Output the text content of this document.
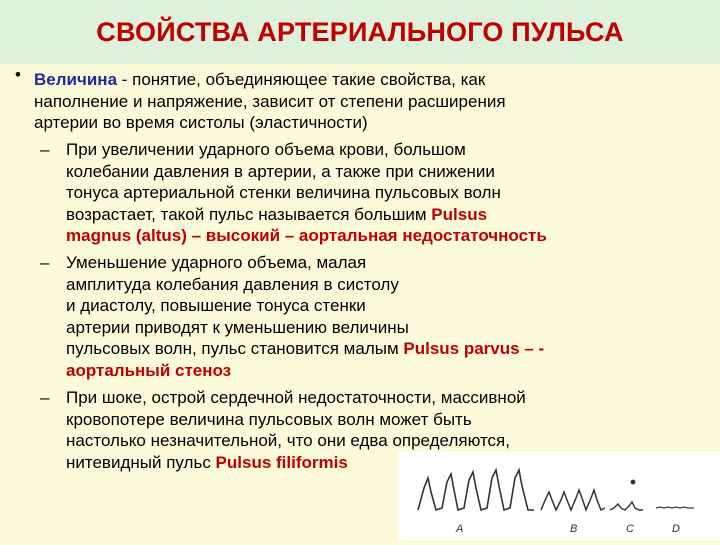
СВОЙСТВА АРТЕРИАЛЬНОГО ПУЛЬСА
• Величина - понятие, объединяющее такие свойства, как
наполнение и напряжение, зависит от степени расширения
артерии во время систолы (эластичности)
– При увеличении ударного объема крови, большом
колебании давления в артерии, а также при снижении
тонуса артериальной стенки величина пульсовых волн
возрастает, такой пульс называется большим Pulsus
magnus (altus) – высокий – аортальная недостаточность
– Уменьшение ударного объема, малая
амплитуда колебания давления в систолу
и диастолу, повышение тонуса стенки
артерии приводят к уменьшению величины
пульсовых волн, пульс становится малым Pulsus parvus – -
аортальный стеноз
– При шоке, острой сердечной недостаточности, массивной
кровопотере величина пульсовых волн может быть
настолько незначительной, что они едва определяются,
нитевидный пульс Pulsus filiformis
A	B	C	D
